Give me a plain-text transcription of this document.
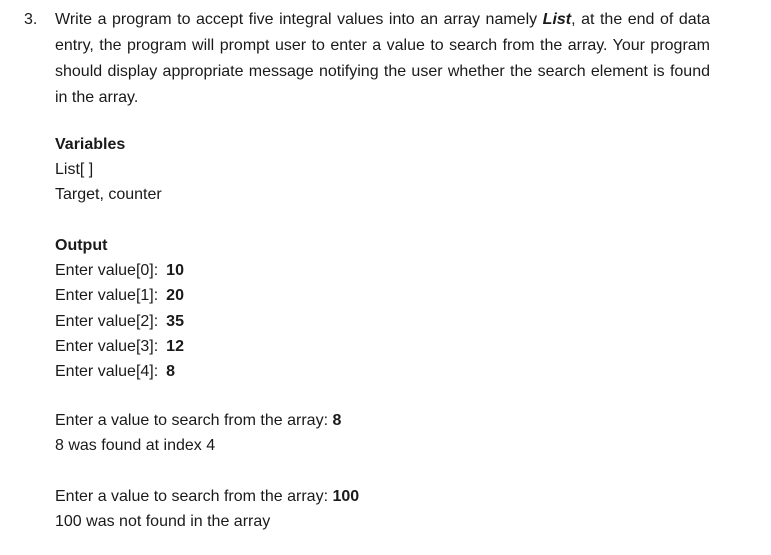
3. Write a program to accept five integral values into an array namely List, at the end of data entry, the program will prompt user to enter a value to search from the array. Your program should display appropriate message notifying the user whether the search element is found in the array.
Variables
List[ ]
Target, counter
Output
Enter value[0]: 10
Enter value[1]: 20
Enter value[2]: 35
Enter value[3]: 12
Enter value[4]: 8
Enter a value to search from the array: 8
8 was found at index 4
Enter a value to search from the array: 100
100 was not found in the array
